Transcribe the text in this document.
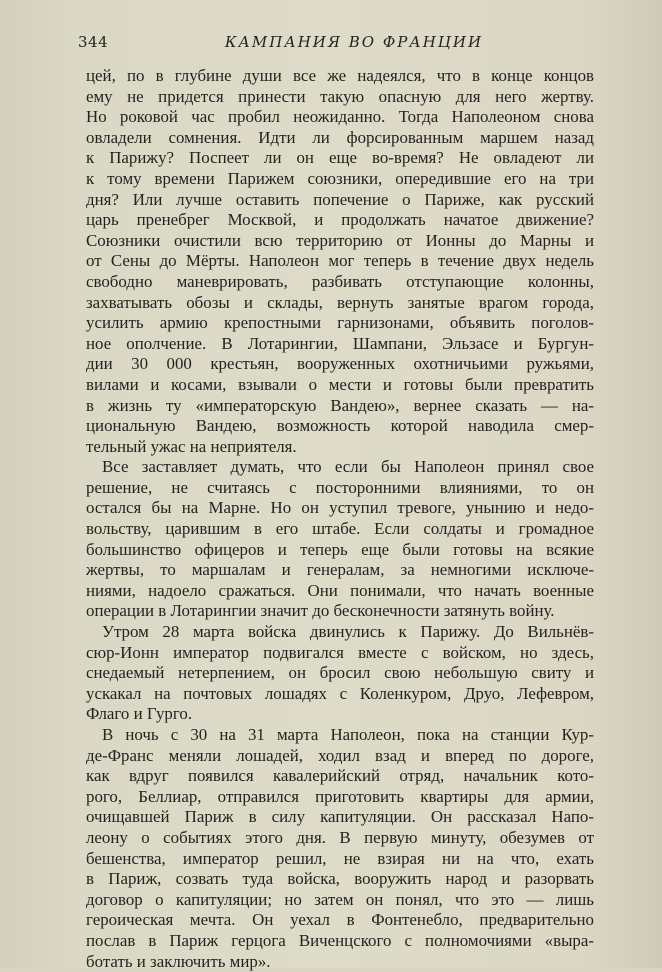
344	КАМПАНИЯ ВО ФРАНЦИИ
цей, по в глубине души все же надеялся, что в конце концов
ему не придется принести такую опасную для него жертву.
Но роковой час пробил неожиданно. Тогда Наполеоном снова
овладели сомнения. Идти ли форсированным маршем назад
к Парижу? Поспеет ли он еще во-время? Не овладеют ли
к тому времени Парижем союзники, опередившие его на три
дня? Или лучше оставить попечение о Париже, как русский
царь пренебрег Москвой, и продолжать начатое движение?
Союзники очистили всю территорию от Ионны до Марны и
от Сены до Мёрты. Наполеон мог теперь в течение двух недель
свободно маневрировать, разбивать отступающие колонны,
захватывать обозы и склады, вернуть занятые врагом города,
усилить армию крепостными гарнизонами, объявить поголов-
ное ополчение. В Лотарингии, Шампани, Эльзасе и Бургун-
дии 30 000 крестьян, вооруженных охотничьими ружьями,
вилами и косами, взывали о мести и готовы были превратить
в жизнь ту «императорскую Вандею», вернее сказать — на-
циональную Вандею, возможность которой наводила смер-
тельный ужас на неприятеля.
Все заставляет думать, что если бы Наполеон принял свое
решение, не считаясь с посторонними влияниями, то он
остался бы на Марне. Но он уступил тревоге, унынию и недо-
вольству, царившим в его штабе. Если солдаты и громадное
большинство офицеров и теперь еще были готовы на всякие
жертвы, то маршалам и генералам, за немногими исключе-
ниями, надоело сражаться. Они понимали, что начать военные
операции в Лотарингии значит до бесконечности затянуть войну.
Утром 28 марта войска двинулись к Парижу. До Вильнёв-
сюр-Ионн император подвигался вместе с войском, но здесь,
снедаемый нетерпением, он бросил свою небольшую свиту и
ускакал на почтовых лошадях с Коленкуром, Друо, Лефевром,
Флаго и Гурго.
В ночь с 30 на 31 марта Наполеон, пока на станции Кур-
де-Франс меняли лошадей, ходил взад и вперед по дороге,
как вдруг появился кавалерийский отряд, начальник кото-
рого, Беллиар, отправился приготовить квартиры для армии,
очищавшей Париж в силу капитуляции. Он рассказал Напо-
леону о событиях этого дня. В первую минуту, обезумев от
бешенства, император решил, не взирая ни на что, ехать
в Париж, созвать туда войска, вооружить народ и разорвать
договор о капитуляции; но затем он понял, что это — лишь
героическая мечта. Он уехал в Фонтенебло, предварительно
послав в Париж герцога Виченцского с полномочиями «выра-
ботать и заключить мир».
